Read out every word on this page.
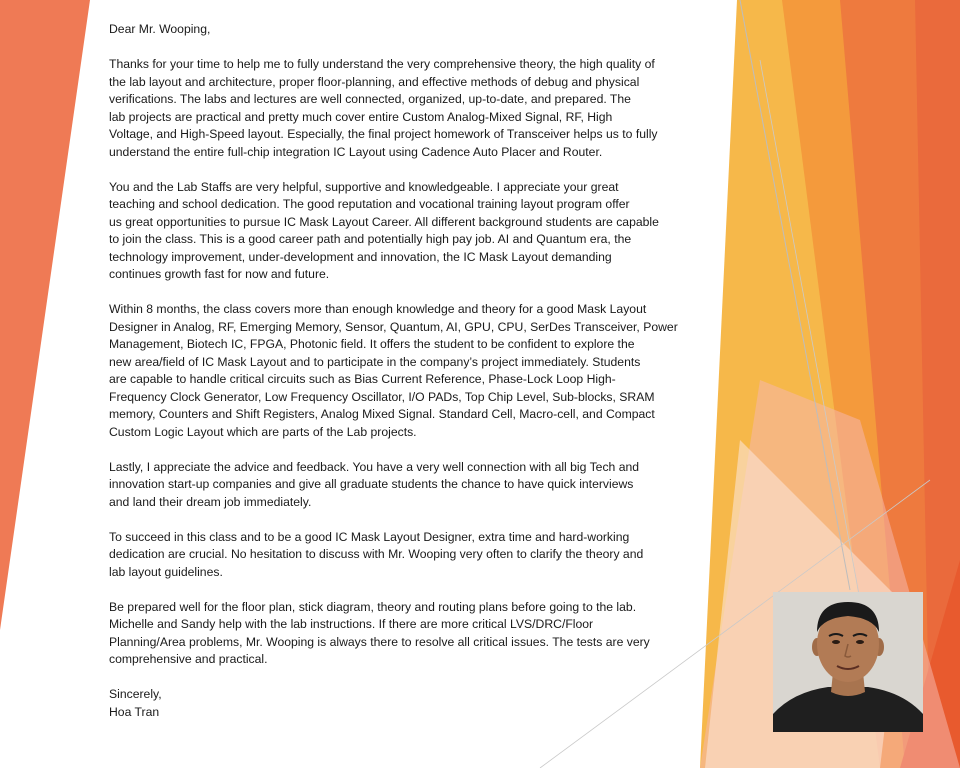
Dear Mr. Wooping,
Thanks for your time to help me to fully understand the very comprehensive theory, the high quality of
the lab layout and architecture, proper floor-planning, and effective methods of debug and physical
verifications. The labs and lectures are well connected, organized, up-to-date, and prepared. The
lab projects are practical and pretty much cover entire Custom Analog-Mixed Signal, RF, High
Voltage, and High-Speed layout. Especially, the final project homework of Transceiver helps us to fully
understand the entire full-chip integration IC Layout using Cadence Auto Placer and Router.
You and the Lab Staffs are very helpful, supportive and knowledgeable. I appreciate your great
teaching and school dedication. The good reputation and vocational training layout program offer
us great opportunities to pursue IC Mask Layout Career. All different background students are capable
to join the class. This is a good career path and potentially high pay job. AI and Quantum era, the
technology improvement, under-development and innovation, the IC Mask Layout demanding
continues growth fast for now and future.
Within 8 months, the class covers more than enough knowledge and theory for a good Mask Layout
Designer in Analog, RF, Emerging Memory, Sensor, Quantum, AI, GPU, CPU, SerDes Transceiver, Power
Management, Biotech IC, FPGA, Photonic field. It offers the student to be confident to explore the
new area/field of IC Mask Layout and to participate in the company’s project immediately. Students
are capable to handle critical circuits such as Bias Current Reference, Phase-Lock Loop High-
Frequency Clock Generator, Low Frequency Oscillator, I/O PADs, Top Chip Level, Sub-blocks, SRAM
memory, Counters and Shift Registers, Analog Mixed Signal. Standard Cell, Macro-cell, and Compact
Custom Logic Layout which are parts of the Lab projects.
Lastly, I appreciate the advice and feedback. You have a very well connection with all big Tech and
innovation start-up companies and give all graduate students the chance to have quick interviews
and land their dream job immediately.
To succeed in this class and to be a good IC Mask Layout Designer, extra time and hard-working
dedication are crucial. No hesitation to discuss with Mr. Wooping very often to clarify the theory and
lab layout guidelines.
Be prepared well for the floor plan, stick diagram, theory and routing plans before going to the lab.
Michelle and Sandy help with the lab instructions. If there are more critical LVS/DRC/Floor
Planning/Area problems, Mr. Wooping is always there to resolve all critical issues. The tests are very
comprehensive and practical.
Sincerely,
Hoa Tran
